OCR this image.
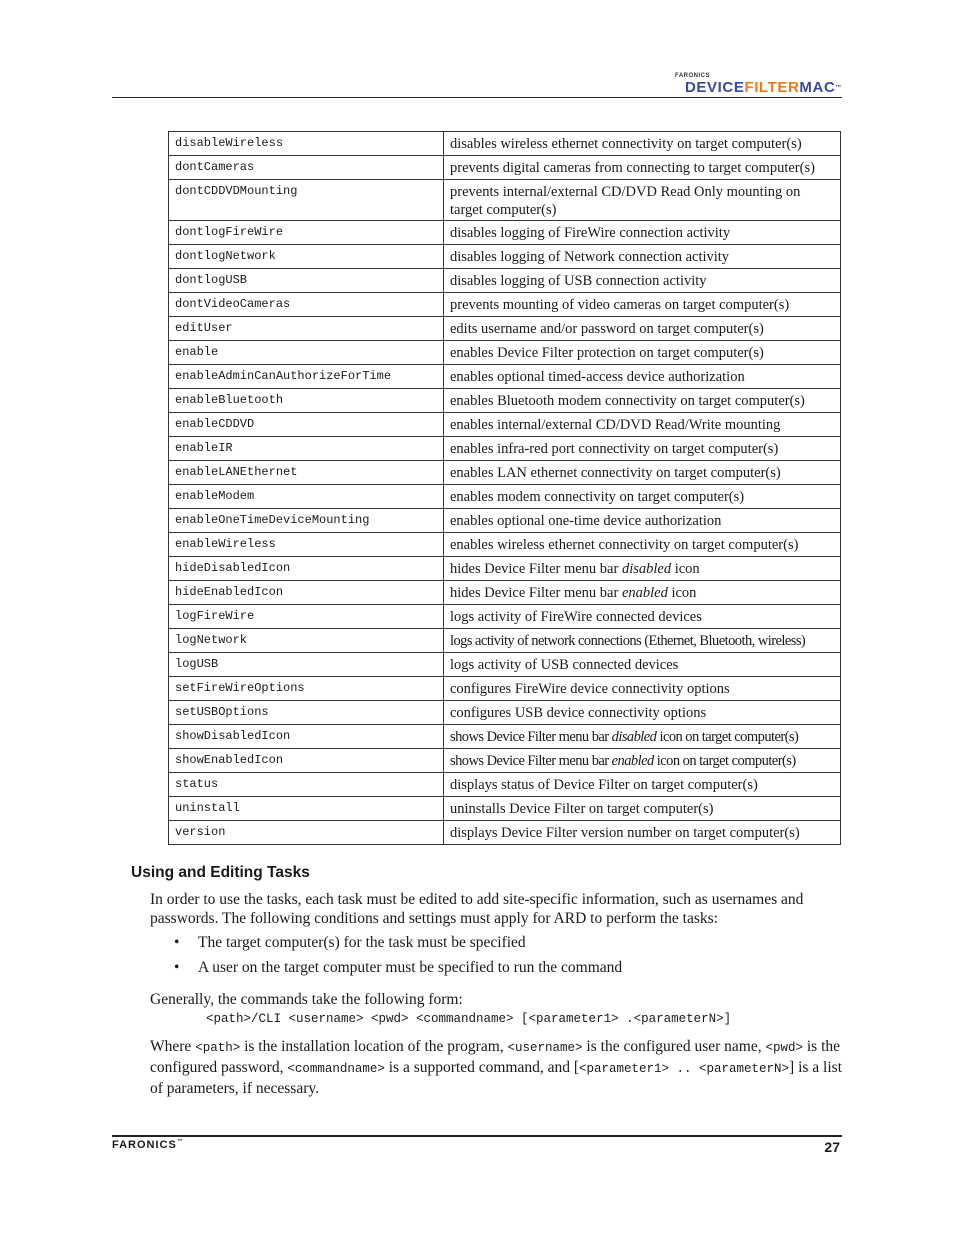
FARONICS
DEVICEFILTERMAC™
disableWireless	disables wireless ethernet connectivity on target computer(s)
dontCameras	prevents digital cameras from connecting to target computer(s)
dontCDDVDMounting	prevents internal/external CD/DVD Read Only mounting on target computer(s)
dontlogFireWire	disables logging of FireWire connection activity
dontlogNetwork	disables logging of Network connection activity
dontlogUSB	disables logging of USB connection activity
dontVideoCameras	prevents mounting of video cameras on target computer(s)
editUser	edits username and/or password on target computer(s)
enable	enables Device Filter protection on target computer(s)
enableAdminCanAuthorizeForTime	enables optional timed-access device authorization
enableBluetooth	enables Bluetooth modem connectivity on target computer(s)
enableCDDVD	enables internal/external CD/DVD Read/Write mounting
enableIR	enables infra-red port connectivity on target computer(s)
enableLANEthernet	enables LAN ethernet connectivity on target computer(s)
enableModem	enables modem connectivity on target computer(s)
enableOneTimeDeviceMounting	enables optional one-time device authorization
enableWireless	enables wireless ethernet connectivity on target computer(s)
hideDisabledIcon	hides Device Filter menu bar disabled icon
hideEnabledIcon	hides Device Filter menu bar enabled icon
logFireWire	logs activity of FireWire connected devices
logNetwork	logs activity of network connections (Ethernet, Bluetooth, wireless)
logUSB	logs activity of USB connected devices
setFireWireOptions	configures FireWire device connectivity options
setUSBOptions	configures USB device connectivity options
showDisabledIcon	shows Device Filter menu bar disabled icon on target computer(s)
showEnabledIcon	shows Device Filter menu bar enabled icon on target computer(s)
status	displays status of Device Filter on target computer(s)
uninstall	uninstalls Device Filter on target computer(s)
version	displays Device Filter version number on target computer(s)
Using and Editing Tasks
In order to use the tasks, each task must be edited to add site-specific information, such as usernames and passwords. The following conditions and settings must apply for ARD to perform the tasks:
• The target computer(s) for the task must be specified
• A user on the target computer must be specified to run the command
Generally, the commands take the following form:
<path>/CLI <username> <pwd> <commandname> [<parameter1> .<parameterN>]
Where <path> is the installation location of the program, <username> is the configured user name, <pwd> is the configured password, <commandname> is a supported command, and [<parameter1> .. <parameterN>] is a list of parameters, if necessary.
FARONICS™	27
